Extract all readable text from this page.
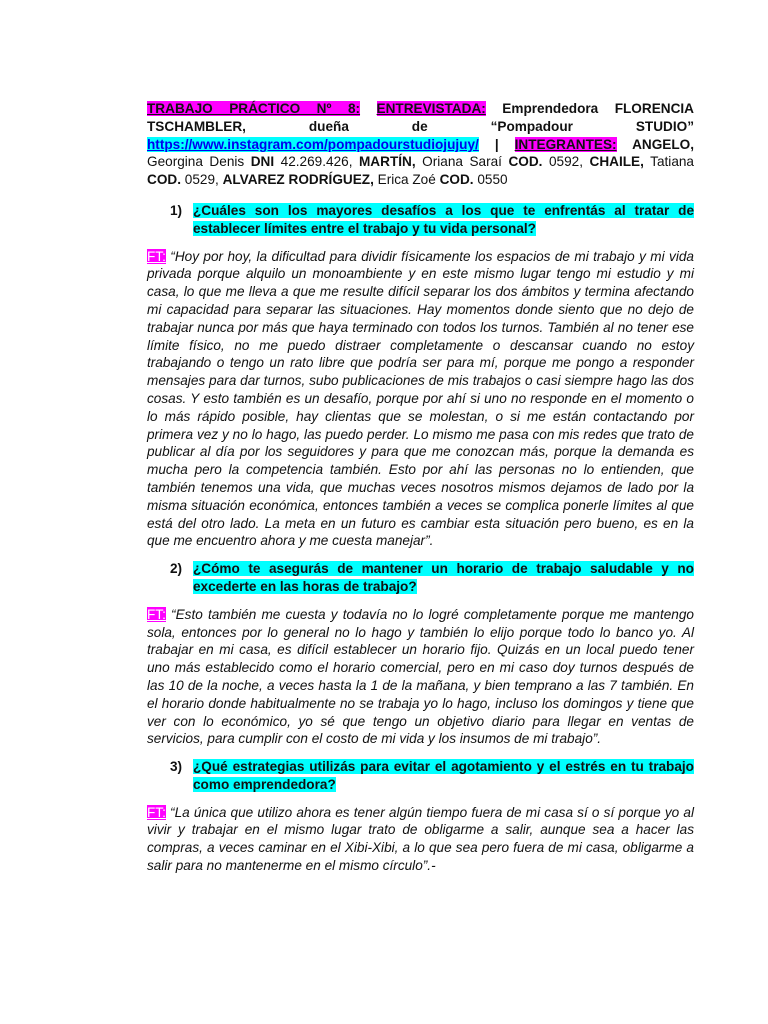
TRABAJO PRÁCTICO Nº 8: ENTREVISTADA: Emprendedora FLORENCIA TSCHAMBLER, dueña de “Pompadour STUDIO” https://www.instagram.com/pompadourstudiojujuy/ | INTEGRANTES: ANGELO, Georgina Denis DNI 42.269.426, MARTÍN, Oriana Saraí COD. 0592, CHAILE, Tatiana COD. 0529, ALVAREZ RODRÍGUEZ, Erica Zoé COD. 0550

1) ¿Cuáles son los mayores desafíos a los que te enfrentás al tratar de establecer límites entre el trabajo y tu vida personal?
FT: “Hoy por hoy, la dificultad para dividir físicamente los espacios de mi trabajo y mi vida privada porque alquilo un monoambiente y en este mismo lugar tengo mi estudio y mi casa, lo que me lleva a que me resulte difícil separar los dos ámbitos y termina afectando mi capacidad para separar las situaciones. Hay momentos donde siento que no dejo de trabajar nunca por más que haya terminado con todos los turnos. También al no tener ese límite físico, no me puedo distraer completamente o descansar cuando no estoy trabajando o tengo un rato libre que podría ser para mí, porque me pongo a responder mensajes para dar turnos, subo publicaciones de mis trabajos o casi siempre hago las dos cosas. Y esto también es un desafío, porque por ahí si uno no responde en el momento o lo más rápido posible, hay clientas que se molestan, o si me están contactando por primera vez y no lo hago, las puedo perder. Lo mismo me pasa con mis redes que trato de publicar al día por los seguidores y para que me conozcan más, porque la demanda es mucha pero la competencia también. Esto por ahí las personas no lo entienden, que también tenemos una vida, que muchas veces nosotros mismos dejamos de lado por la misma situación económica, entonces también a veces se complica ponerle límites al que está del otro lado. La meta en un futuro es cambiar esta situación pero bueno, es en la que me encuentro ahora y me cuesta manejar”.
2) ¿Cómo te asegurás de mantener un horario de trabajo saludable y no excederte en las horas de trabajo?
FT: “Esto también me cuesta y todavía no lo logré completamente porque me mantengo sola, entonces por lo general no lo hago y también lo elijo porque todo lo banco yo. Al trabajar en mi casa, es difícil establecer un horario fijo. Quizás en un local puedo tener uno más establecido como el horario comercial, pero en mi caso doy turnos después de las 10 de la noche, a veces hasta la 1 de la mañana, y bien temprano a las 7 también. En el horario donde habitualmente no se trabaja yo lo hago, incluso los domingos y tiene que ver con lo económico, yo sé que tengo un objetivo diario para llegar en ventas de servicios, para cumplir con el costo de mi vida y los insumos de mi trabajo”.
3) ¿Qué estrategias utilizás para evitar el agotamiento y el estrés en tu trabajo como emprendedora?
FT: “La única que utilizo ahora es tener algún tiempo fuera de mi casa sí o sí porque yo al vivir y trabajar en el mismo lugar trato de obligarme a salir, aunque sea a hacer las compras, a veces caminar en el Xibi-Xibi, a lo que sea pero fuera de mi casa, obligarme a salir para no mantenerme en el mismo círculo”.-
